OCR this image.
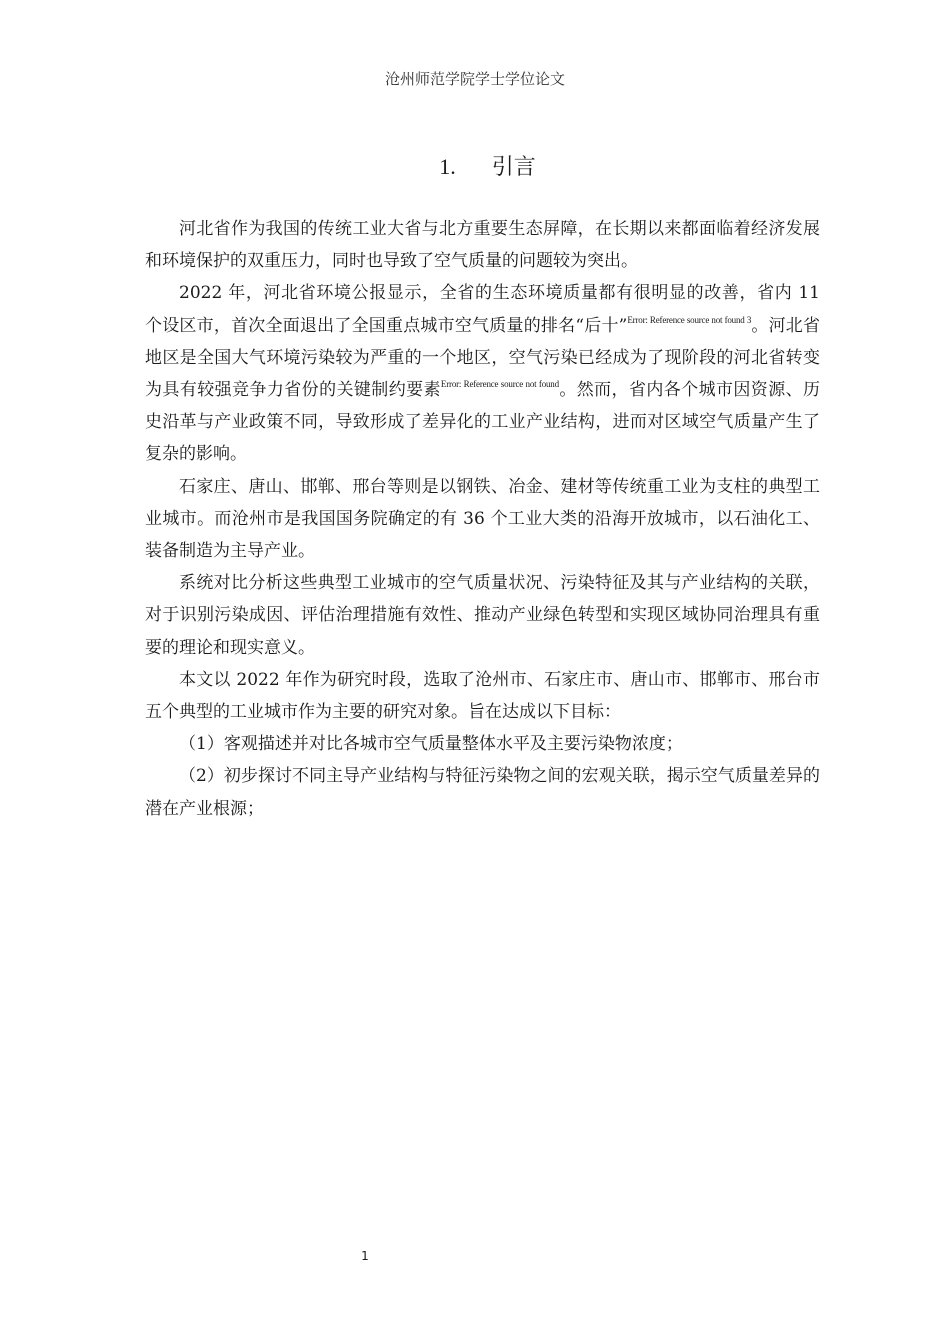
沧州师范学院学士学位论文
1. 引言

河北省作为我国的传统工业大省与北方重要生态屏障，在长期以来都面临着经济发展和环境保护的双重压力，同时也导致了空气质量的问题较为突出。

2022 年，河北省环境公报显示，全省的生态环境质量都有很明显的改善，省内 11 个设区市，首次全面退出了全国重点城市空气质量的排名“后十”$^{Error: Reference source not found 3}$。河北省地区是全国大气环境污染较为严重的一个地区，空气污染已经成为了现阶段的河北省转变为具有较强竞争力省份的关键制约要素$^{Error: Reference source not found}$。然而，省内各个城市因资源、历史沿革与产业政策不同，导致形成了差异化的工业产业结构，进而对区域空气质量产生了复杂的影响。

石家庄、唐山、邯郸、邢台等则是以钢铁、冶金、建材等传统重工业为支柱的典型工业城市。而沧州市是我国国务院确定的有 36 个工业大类的沿海开放城市，以石油化工、装备制造为主导产业。

系统对比分析这些典型工业城市的空气质量状况、污染特征及其与产业结构的关联，对于识别污染成因、评估治理措施有效性、推动产业绿色转型和实现区域协同治理具有重要的理论和现实意义。

本文以 2022 年作为研究时段，选取了沧州市、石家庄市、唐山市、邯郸市、邢台市五个典型的工业城市作为主要的研究对象。旨在达成以下目标：

（1）客观描述并对比各城市空气质量整体水平及主要污染物浓度；

（2）初步探讨不同主导产业结构与特征污染物之间的宏观关联，揭示空气质量差异的潜在产业根源；

1
